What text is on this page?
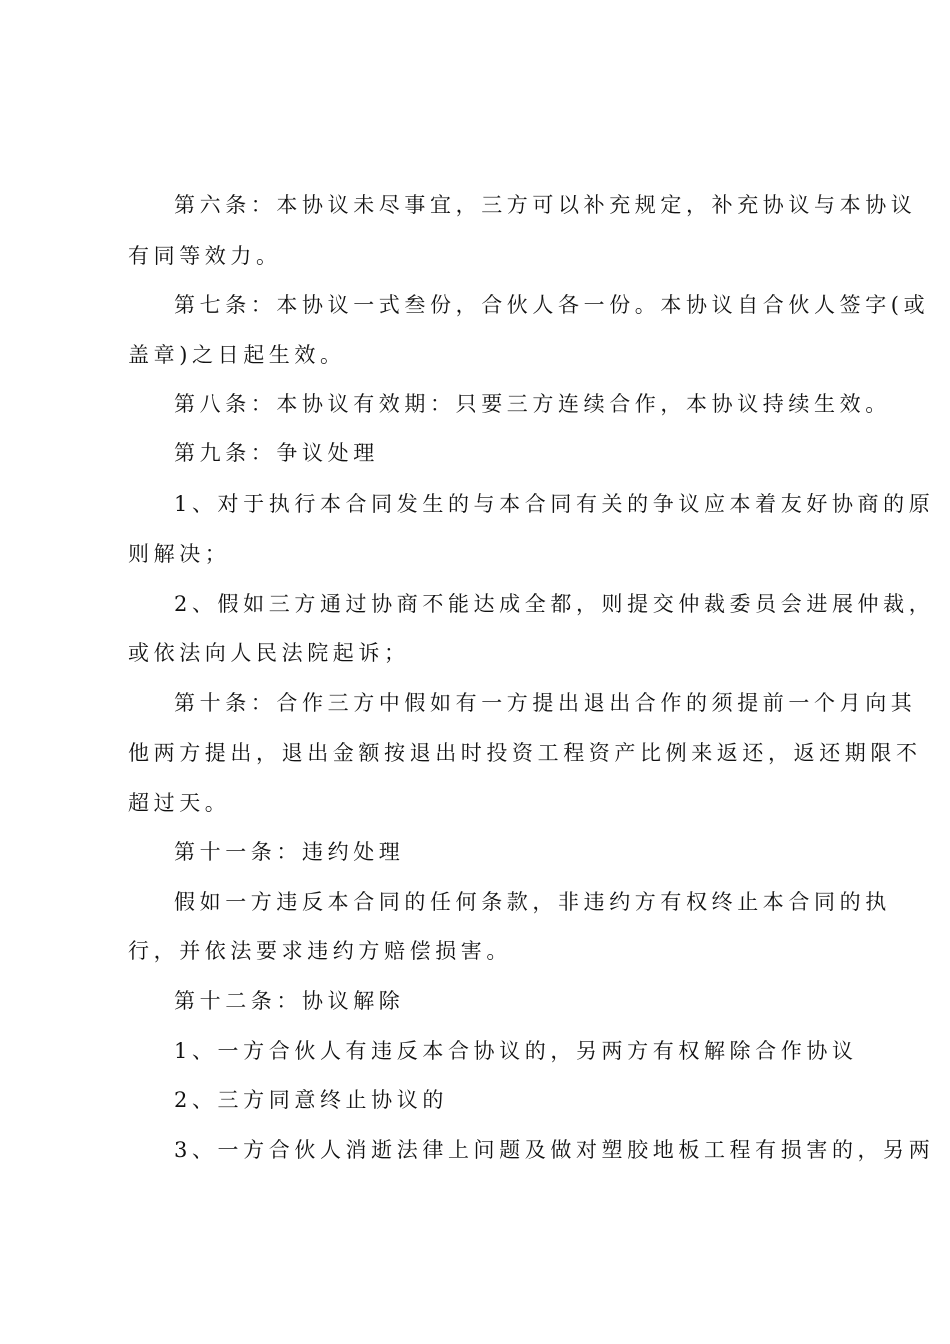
第六条：本协议未尽事宜，三方可以补充规定，补充协议与本协议
有同等效力。
第七条：本协议一式叁份，合伙人各一份。本协议自合伙人签字(或
盖章)之日起生效。
第八条：本协议有效期：只要三方连续合作，本协议持续生效。
第九条：争议处理
1、对于执行本合同发生的与本合同有关的争议应本着友好协商的原
则解决；
2、假如三方通过协商不能达成全都，则提交仲裁委员会进展仲裁，
或依法向人民法院起诉；
第十条：合作三方中假如有一方提出退出合作的须提前一个月向其
他两方提出，退出金额按退出时投资工程资产比例来返还，返还期限不
超过天。
第十一条：违约处理
假如一方违反本合同的任何条款，非违约方有权终止本合同的执
行，并依法要求违约方赔偿损害。
第十二条：协议解除
1、一方合伙人有违反本合协议的，另两方有权解除合作协议
2、三方同意终止协议的
3、一方合伙人消逝法律上问题及做对塑胶地板工程有损害的，另两
